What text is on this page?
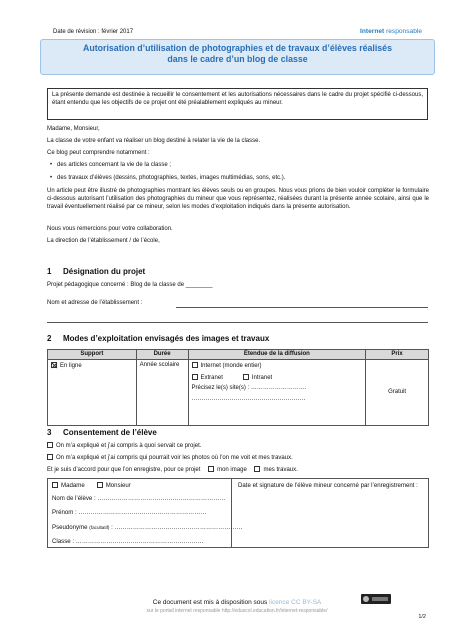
Date de révision : février 2017	Internet responsable
Autorisation d’utilisation de photographies et de travaux d’élèves réalisés
dans le cadre d’un blog de classe
La présente demande est destinée à recueillir le consentement et les autorisations nécessaires dans le cadre du projet spécifié ci-dessous, étant entendu que les objectifs de ce projet ont été préalablement expliqués au mineur.
Madame, Monsieur,
La classe de votre enfant va réaliser un blog destiné à relater la vie de la classe.
Ce blog peut comprendre notamment :
• des articles concernant la vie de la classe ;
• des travaux d’élèves (dessins, photographies, textes, images multimédias, sons, etc.).
Un article peut être illustré de photographies montrant les élèves seuls ou en groupes. Nous vous prions de bien vouloir compléter le formulaire ci-dessous autorisant l’utilisation des photographies du mineur que vous représentez, réalisées durant la présente année scolaire, ainsi que le travail éventuellement réalisé par ce mineur, selon les modes d’exploitation indiqués dans la présente autorisation.
Nous vous remercions pour votre collaboration.
La direction de l’établissement / de l’école,
1 Désignation du projet
Projet pédagogique concerné : Blog de la classe de ________
Nom et adresse de l’établissement :
2 Modes d’exploitation envisagés des images et travaux
Support	Durée	Étendue de la diffusion	Prix
En ligne	Année scolaire	Internet (monde entier)
Extranet Intranet
Précisez le(s) site(s) : ……………………….
…………………………………………………	Gratuit
3 Consentement de l’élève
On m’a expliqué et j’ai compris à quoi servait ce projet.
On m’a expliqué et j’ai compris qui pourrait voir les photos où l’on me voit et mes travaux.
Et je suis d’accord pour que l’on enregistre, pour ce projet	mon image	mes travaux.
Madame	Monsieur
Nom de l’élève : ………………………………………………………
Prénom : ………………………………………………………
Pseudonyme (facultatif) : ………………………………………………………
Classe : ………………………………………………………
Date et signature de l’élève mineur concerné par l’enregistrement :
Ce document est mis à disposition sous licence CC BY-SA
sur le portail internet responsable http://eduscol.education.fr/internet-responsable/
1/2
